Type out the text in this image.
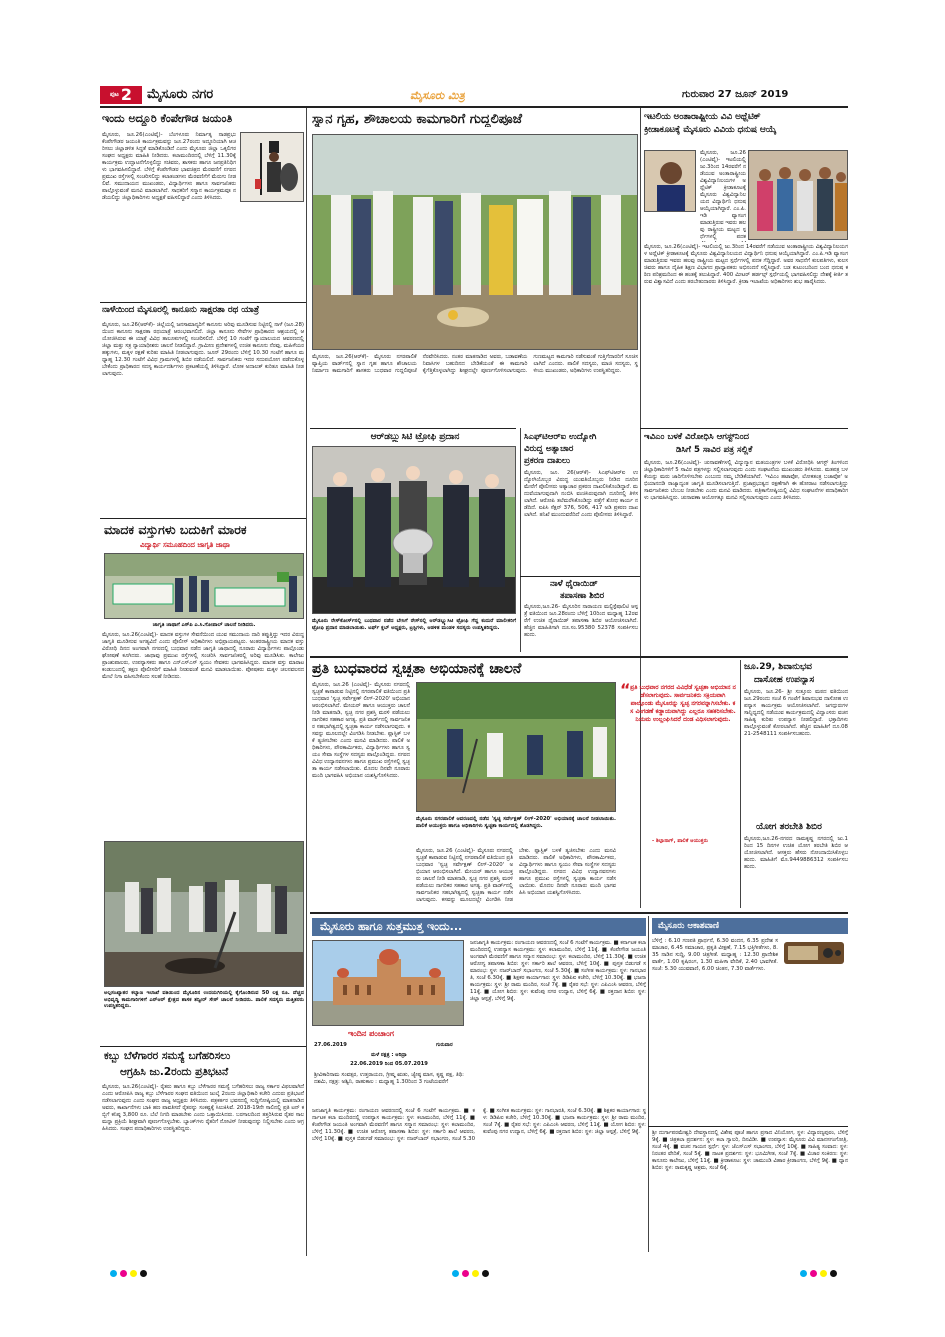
ಪುಟ 2 ಮೈಸೂರು ನಗರ	ಮೈಸೂರು ಮಿತ್ರ	ಗುರುವಾರ 27 ಜೂನ್ 2019
ಇಂದು ಅದ್ದೂರಿ ಕೆಂಪೇಗೌಡ ಜಯಂತಿ
ಮೈಸೂರು, ಜೂ.26(ಎಂಟಿವೈ)- ಬೆಂಗಳೂರು ನಿರ್ಮಾತೃ ನಾಡಪ್ರಭು ಕೆಂಪೇಗೌಡರ ಜಯಂತಿ ಕಾರ್ಯಕ್ರಮವನ್ನು ಜೂ.27ರಂದು ಅದ್ದೂರಿಯಾಗಿ ಆಚರಿಸಲು ಜಿಲ್ಲಾಡಳಿತ ಸಿದ್ಧತೆ ಮಾಡಿಕೊಂಡಿದೆ ಎಂದು ಮೈಸೂರು ಜಿಲ್ಲಾ ಒಕ್ಕಲಿಗರ ಸಂಘದ ಅಧ್ಯಕ್ಷರು ಮಾಹಿತಿ ನೀಡಿದರು. ಕಲಾಮಂದಿರದಲ್ಲಿ ಬೆಳಿಗ್ಗೆ 11.30ಕ್ಕೆ ಕಾರ್ಯಕ್ರಮ ಉದ್ಘಾಟನೆಗೊಳ್ಳಲಿದ್ದು ಸಚಿವರು, ಶಾಸಕರು ಹಾಗೂ ಜನಪ್ರತಿನಿಧಿಗಳು ಭಾಗವಹಿಸಲಿದ್ದಾರೆ. ಬೆಳಿಗ್ಗೆ ಕೆಂಪೇಗೌಡರ ಭಾವಚಿತ್ರದ ಮೆರವಣಿಗೆ ನಗರದ ಪ್ರಮುಖ ರಸ್ತೆಗಳಲ್ಲಿ ಸಂಚರಿಸಲಿದ್ದು ಕಲಾತಂಡಗಳು ಮೆರವಣಿಗೆಗೆ ಮೆರುಗು ನೀಡಲಿವೆ. ಸಮುದಾಯದ ಮುಖಂಡರು, ವಿದ್ಯಾರ್ಥಿಗಳು ಹಾಗೂ ಸಾರ್ವಜನಿಕರು ಪಾಲ್ಗೊಳ್ಳುವಂತೆ ಮನವಿ ಮಾಡಲಾಗಿದೆ. ಸಾಧಕರಿಗೆ ಸನ್ಮಾನ ಕಾರ್ಯಕ್ರಮವೂ ನಡೆಯಲಿದ್ದು ಜಿಲ್ಲಾಧಿಕಾರಿಗಳು ಅಧ್ಯಕ್ಷತೆ ವಹಿಸಲಿದ್ದಾರೆ ಎಂದು ತಿಳಿಸಿದರು.
ನಾಳೆಯಿಂದ ಮೈಸೂರಲ್ಲಿ ಕಾನೂನು ಸಾಕ್ಷರತಾ ರಥ ಯಾತ್ರೆ
ಮೈಸೂರು, ಜೂ.26(ಆರ್‌ಕೆ)- ಜಿಲ್ಲೆಯಲ್ಲಿ ಜನಸಾಮಾನ್ಯರಿಗೆ ಕಾನೂನು ಅರಿವು ಮೂಡಿಸುವ ನಿಟ್ಟಿನಲ್ಲಿ ನಾಳೆ (ಜೂ.28)ಯಿಂದ ಕಾನೂನು ಸಾಕ್ಷರತಾ ರಥಯಾತ್ರೆ ಆರಂಭವಾಗಲಿದೆ. ಜಿಲ್ಲಾ ಕಾನೂನು ಸೇವೆಗಳ ಪ್ರಾಧಿಕಾರದ ಆಶ್ರಯದಲ್ಲಿ ಆಯೋಜಿಸಿರುವ ಈ ಯಾತ್ರೆ ವಿವಿಧ ತಾಲೂಕುಗಳಲ್ಲಿ ಸಂಚರಿಸಲಿದೆ. ಬೆಳಿಗ್ಗೆ 10 ಗಂಟೆಗೆ ನ್ಯಾಯಾಲಯದ ಆವರಣದಲ್ಲಿ ಜಿಲ್ಲಾ ಮತ್ತು ಸತ್ರ ನ್ಯಾಯಾಧೀಶರು ಚಾಲನೆ ನೀಡಲಿದ್ದಾರೆ. ಗ್ರಾಮೀಣ ಪ್ರದೇಶಗಳಲ್ಲಿ ಉಚಿತ ಕಾನೂನು ನೆರವು, ಮಹಿಳೆಯರ ಹಕ್ಕುಗಳು, ಮಕ್ಕಳ ರಕ್ಷಣೆ ಕುರಿತು ಮಾಹಿತಿ ನೀಡಲಾಗುವುದು. ಜೂನ್ 29ರಂದು ಬೆಳಿಗ್ಗೆ 10.30 ಗಂಟೆಗೆ ಹಾಗೂ ಮಧ್ಯಾಹ್ನ 12.30 ಗಂಟೆಗೆ ವಿವಿಧ ಗ್ರಾಮಗಳಲ್ಲಿ ಶಿಬಿರ ನಡೆಯಲಿದೆ. ಸಾರ್ವಜನಿಕರು ಇದರ ಸದುಪಯೋಗ ಪಡೆದುಕೊಳ್ಳಬೇಕೆಂದು ಪ್ರಾಧಿಕಾರದ ಸದಸ್ಯ ಕಾರ್ಯದರ್ಶಿಗಳು ಪ್ರಕಟಣೆಯಲ್ಲಿ ತಿಳಿಸಿದ್ದಾರೆ. ಲೋಕ ಅದಾಲತ್ ಕುರಿತೂ ಮಾಹಿತಿ ನೀಡಲಾಗುವುದು.
ಮಾದಕ ವಸ್ತುಗಳು ಬದುಕಿಗೆ ಮಾರಕ
ವಿದ್ಯಾರ್ಥಿ ಸಮೂಹದಿಂದ ಜಾಗೃತಿ ಜಾಥಾ
ಜಾಗೃತಿ ಜಾಥಾಗೆ ಎಸ್‌ಪಿ ಎ.ಸಿ.ಗೋಪಾಲ್ ಚಾಲನೆ ನೀಡಿದರು.
ಮೈಸೂರು, ಜೂ.26(ಎಂಟಿವೈ)- ಮಾದಕ ವಸ್ತುಗಳ ಸೇವನೆಯಿಂದ ಯುವ ಸಮುದಾಯ ದಾರಿ ತಪ್ಪುತ್ತಿದ್ದು ಇದರ ವಿರುದ್ಧ ಜಾಗೃತಿ ಮೂಡಿಸುವ ಅಗತ್ಯವಿದೆ ಎಂದು ಪೊಲೀಸ್ ಅಧಿಕಾರಿಗಳು ಅಭಿಪ್ರಾಯಪಟ್ಟರು. ಅಂತರರಾಷ್ಟ್ರೀಯ ಮಾದಕ ವಸ್ತು ವಿರೋಧಿ ದಿನದ ಅಂಗವಾಗಿ ನಗರದಲ್ಲಿ ಬುಧವಾರ ನಡೆದ ಜಾಗೃತಿ ಜಾಥಾದಲ್ಲಿ ನೂರಾರು ವಿದ್ಯಾರ್ಥಿಗಳು ಪಾಲ್ಗೊಂಡು ಘೋಷಣೆ ಕೂಗಿದರು. ಜಾಥಾವು ಪ್ರಮುಖ ರಸ್ತೆಗಳಲ್ಲಿ ಸಂಚರಿಸಿ ಸಾರ್ವಜನಿಕರಲ್ಲಿ ಅರಿವು ಮೂಡಿಸಿತು. ಕಾಲೇಜು ಪ್ರಾಂಶುಪಾಲರು, ಉಪನ್ಯಾಸಕರು ಹಾಗೂ ಎನ್‌ಎಸ್‌ಎಸ್ ಸ್ವಯಂ ಸೇವಕರು ಭಾಗವಹಿಸಿದ್ದರು. ಮಾದಕ ವಸ್ತು ಮಾರಾಟ ಕಂಡುಬಂದಲ್ಲಿ ತಕ್ಷಣ ಪೊಲೀಸರಿಗೆ ಮಾಹಿತಿ ನೀಡುವಂತೆ ಮನವಿ ಮಾಡಲಾಯಿತು. ಪೋಷಕರು ಮಕ್ಕಳ ಚಲನವಲನದ ಮೇಲೆ ನಿಗಾ ವಹಿಸಬೇಕೆಂದು ಸಲಹೆ ನೀಡಿದರು.
ಅಲ್ಪಸಂಖ್ಯಾತರ ಕಲ್ಯಾಣ ಇಲಾಖೆ ವತಿಯಿಂದ ಮೈಸೂರಿನ ಉದಯಗಿರಿಯಲ್ಲಿ ಕೈಗೊಂಡಿರುವ 50 ಲಕ್ಷ ರೂ. ವೆಚ್ಚದ ಅಭಿವೃದ್ಧಿ ಕಾಮಗಾರಿಗಳಿಗೆ ಎನ್‌ಆರ್ ಕ್ಷೇತ್ರದ ಶಾಸಕ ತನ್ವೀರ್ ಸೇಠ್ ಚಾಲನೆ ನೀಡಿದರು. ಪಾಲಿಕೆ ಸದಸ್ಯರು ಮತ್ತಿತರರು ಉಪಸ್ಥಿತರಿದ್ದರು.
ಕಬ್ಬು ಬೆಳೆಗಾರರ ಸಮಸ್ಯೆ ಬಗೆಹರಿಸಲು
ಆಗ್ರಹಿಸಿ ಜು.2ರಂದು ಪ್ರತಿಭಟನೆ
ಮೈಸೂರು, ಜೂ.26(ಎಂಟಿವೈ)- ರೈತರು ಹಾಗೂ ಕಬ್ಬು ಬೆಳೆಗಾರರ ಸಮಸ್ಯೆ ಬಗೆಹರಿಸಲು ರಾಜ್ಯ ಸರ್ಕಾರ ವಿಫಲವಾಗಿದೆ ಎಂದು ಆರೋಪಿಸಿ ರಾಜ್ಯ ಕಬ್ಬು ಬೆಳೆಗಾರರ ಸಂಘದ ವತಿಯಿಂದ ಜುಲೈ 2ರಂದು ಜಿಲ್ಲಾಧಿಕಾರಿ ಕಚೇರಿ ಎದುರು ಪ್ರತಿಭಟನೆ ನಡೆಸಲಾಗುವುದು ಎಂದು ಸಂಘದ ರಾಜ್ಯ ಅಧ್ಯಕ್ಷರು ತಿಳಿಸಿದರು. ಪತ್ರಕರ್ತರ ಭವನದಲ್ಲಿ ಸುದ್ದಿಗೋಷ್ಠಿಯಲ್ಲಿ ಮಾತನಾಡಿದ ಅವರು, ಕಾರ್ಖಾನೆಗಳು ಬಾಕಿ ಹಣ ಪಾವತಿಸದೆ ರೈತರನ್ನು ಸಂಕಷ್ಟಕ್ಕೆ ಸಿಲುಕಿಸಿವೆ. 2018-19ನೇ ಸಾಲಿನಲ್ಲಿ ಪ್ರತಿ ಟನ್ ಕಬ್ಬಿಗೆ ಕನಿಷ್ಠ 3,800 ರೂ. ಬೆಲೆ ನಿಗದಿ ಮಾಡಬೇಕು ಎಂದು ಒತ್ತಾಯಿಸಿದರು. ಬರಗಾಲದಿಂದ ತತ್ತರಿಸಿರುವ ರೈತರ ಸಾಲ ಮನ್ನಾ ಪ್ರಕ್ರಿಯೆ ಶೀಘ್ರವಾಗಿ ಪೂರ್ಣಗೊಳ್ಳಬೇಕು. ಬ್ಯಾಂಕ್‌ಗಳು ರೈತರಿಗೆ ನೋಟಿಸ್ ನೀಡುವುದನ್ನು ನಿಲ್ಲಿಸಬೇಕು ಎಂದು ಆಗ್ರಹಿಸಿದರು. ಸಂಘದ ಪದಾಧಿಕಾರಿಗಳು ಉಪಸ್ಥಿತರಿದ್ದರು.
ಸ್ನಾನ ಗೃಹ, ಶೌಚಾಲಯ ಕಾಮಗಾರಿಗೆ ಗುದ್ದಲಿಪೂಜೆ
ಮೈಸೂರು, ಜೂ.26(ಆರ್‌ಕೆ)- ಮೈಸೂರು ನಗರಪಾಲಿಕೆ ವ್ಯಾಪ್ತಿಯ ವಾರ್ಡ್‌ನಲ್ಲಿ ಸ್ನಾನ ಗೃಹ ಹಾಗೂ ಶೌಚಾಲಯ ನಿರ್ಮಾಣ ಕಾಮಗಾರಿಗೆ ಶಾಸಕರು ಬುಧವಾರ ಗುದ್ದಲಿಪೂಜೆ ನೆರವೇರಿಸಿದರು. ನಂತರ ಮಾತನಾಡಿದ ಅವರು, ಬಡಾವಣೆಯ ನಿವಾಸಿಗಳ ಬಹುದಿನದ ಬೇಡಿಕೆಯಂತೆ ಈ ಕಾಮಗಾರಿ ಕೈಗೆತ್ತಿಕೊಳ್ಳಲಾಗಿದ್ದು ಶೀಘ್ರದಲ್ಲೇ ಪೂರ್ಣಗೊಳಿಸಲಾಗುವುದು. ಗುಣಮಟ್ಟದ ಕಾಮಗಾರಿ ನಡೆಸುವಂತೆ ಗುತ್ತಿಗೆದಾರರಿಗೆ ಸೂಚಿಸಲಾಗಿದೆ ಎಂದರು. ಪಾಲಿಕೆ ಸದಸ್ಯರು, ಮಾಜಿ ಸದಸ್ಯರು, ಸ್ಥಳೀಯ ಮುಖಂಡರು, ಅಧಿಕಾರಿಗಳು ಉಪಸ್ಥಿತರಿದ್ದರು.
ಆರ್‌ಡಬ್ಲ್ಯುಸಿಟಿ ಟ್ರೋಫಿ ಪ್ರದಾನ
ಮೈಸೂರು ರೇಸ್‌ಕೋರ್ಸ್‌ನಲ್ಲಿ ಬುಧವಾರ ನಡೆದ ಬೇಸಿಗೆ ರೇಸ್‌ನಲ್ಲಿ ಆರ್‌ಡಬ್ಲ್ಯುಸಿಟಿ ಟ್ರೋಫಿ ಗೆದ್ದ ಕುದುರೆ ಮಾಲೀಕರಿಗೆ ಟ್ರೋಫಿ ಪ್ರದಾನ ಮಾಡಲಾಯಿತು. ಟರ್ಫ್ ಕ್ಲಬ್ ಅಧ್ಯಕ್ಷರು, ಟ್ರಸ್ಟಿಗಳು, ಆಡಳಿತ ಮಂಡಳಿ ಸದಸ್ಯರು ಉಪಸ್ಥಿತರಿದ್ದರು.
ಸಿಎಫ್‌ಟಿಆರ್‌ಐ ಉದ್ಯೋಗಿ
ವಿರುದ್ಧ ಅತ್ಯಾಚಾರ
ಪ್ರಕರಣ ದಾಖಲು
ಮೈಸೂರು, ಜೂ. 26(ಆರ್‌ಕೆ)- ಸಿಎಫ್‌ಟಿಆರ್‌ಐ ಉದ್ಯೋಗಿಯೊಬ್ಬರ ವಿರುದ್ಧ ಯುವತಿಯೊಬ್ಬರು ನೀಡಿದ ದೂರಿನ ಮೇರೆಗೆ ಪೊಲೀಸರು ಅತ್ಯಾಚಾರ ಪ್ರಕರಣ ದಾಖಲಿಸಿಕೊಂಡಿದ್ದಾರೆ. ಮದುವೆಯಾಗುವುದಾಗಿ ನಂಬಿಸಿ ವಂಚಿಸಿರುವುದಾಗಿ ದೂರಿನಲ್ಲಿ ತಿಳಿಸಲಾಗಿದೆ. ಆರೋಪಿ ತಲೆಮರೆಸಿಕೊಂಡಿದ್ದು ಪತ್ತೆಗೆ ಶೋಧ ಕಾರ್ಯ ನಡೆದಿದೆ. ಐಪಿಸಿ ಸೆಕ್ಷನ್ 376, 506, 417 ಅಡಿ ಪ್ರಕರಣ ದಾಖಲಾಗಿದೆ. ತನಿಖೆ ಮುಂದುವರೆದಿದೆ ಎಂದು ಪೊಲೀಸರು ತಿಳಿಸಿದ್ದಾರೆ.
ನಾಳೆ ಥೈರಾಯಿಡ್
ತಪಾಸಣಾ ಶಿಬಿರ
ಮೈಸೂರು,ಜೂ.26- ಮೈಸೂರಿನ ನಾರಾಯಣ ಮಲ್ಟಿಸ್ಪೆಷಾಲಿಟಿ ಆಸ್ಪತ್ರೆ ವತಿಯಿಂದ ಜೂ.28ರಂದು ಬೆಳಿಗ್ಗೆ 10ರಿಂದ ಮಧ್ಯಾಹ್ನ 12ರವರೆಗೆ ಉಚಿತ ಥೈರಾಯಿಡ್ ತಪಾಸಣಾ ಶಿಬಿರ ಆಯೋಜಿಸಲಾಗಿದೆ. ಹೆಚ್ಚಿನ ಮಾಹಿತಿಗಾಗಿ ದೂ.ಸಂ.95380 52378 ಸಂಪರ್ಕಿಸಬಹುದು.
ಇಟಲಿಯ ಅಂತಾರಾಷ್ಟ್ರೀಯ ವಿವಿ ಅಥ್ಲೆಟಿಕ್
ಕ್ರೀಡಾಕೂಟಕ್ಕೆ ಮೈಸೂರು ವಿವಿಯ ಧನುಷ ಆಯ್ಕೆ
ಮೈಸೂರು, ಜೂ.26(ಎಂಟಿವೈ)- ಇಟಲಿಯಲ್ಲಿ ಜು.3ರಿಂದ 14ರವರೆಗೆ ನಡೆಯುವ ಅಂತಾರಾಷ್ಟ್ರೀಯ ವಿಶ್ವವಿದ್ಯಾನಿಲಯಗಳ ಅಥ್ಲೆಟಿಕ್ ಕ್ರೀಡಾಕೂಟಕ್ಕೆ ಮೈಸೂರು ವಿಶ್ವವಿದ್ಯಾನಿಲಯದ ವಿದ್ಯಾರ್ಥಿನಿ ಧನುಷ ಆಯ್ಕೆಯಾಗಿದ್ದಾರೆ. ಎಂ.ಪಿ.ಇಡಿ ವ್ಯಾಸಂಗ ಮಾಡುತ್ತಿರುವ ಇವರು ಹಲವು ರಾಷ್ಟ್ರೀಯ ಮಟ್ಟದ ಸ್ಪರ್ಧೆಗಳಲ್ಲಿ ಪದಕ
ಮೈಸೂರು, ಜೂ.26(ಎಂಟಿವೈ)- ಇಟಲಿಯಲ್ಲಿ ಜು.3ರಿಂದ 14ರವರೆಗೆ ನಡೆಯುವ ಅಂತಾರಾಷ್ಟ್ರೀಯ ವಿಶ್ವವಿದ್ಯಾನಿಲಯಗಳ ಅಥ್ಲೆಟಿಕ್ ಕ್ರೀಡಾಕೂಟಕ್ಕೆ ಮೈಸೂರು ವಿಶ್ವವಿದ್ಯಾನಿಲಯದ ವಿದ್ಯಾರ್ಥಿನಿ ಧನುಷ ಆಯ್ಕೆಯಾಗಿದ್ದಾರೆ. ಎಂ.ಪಿ.ಇಡಿ ವ್ಯಾಸಂಗ ಮಾಡುತ್ತಿರುವ ಇವರು ಹಲವು ರಾಷ್ಟ್ರೀಯ ಮಟ್ಟದ ಸ್ಪರ್ಧೆಗಳಲ್ಲಿ ಪದಕ ಗೆದ್ದಿದ್ದಾರೆ. ಅವರ ಸಾಧನೆಗೆ ಕುಲಪತಿಗಳು, ಕುಲಸಚಿವರು ಹಾಗೂ ದೈಹಿಕ ಶಿಕ್ಷಣ ವಿಭಾಗದ ಪ್ರಾಧ್ಯಾಪಕರು ಅಭಿನಂದನೆ ಸಲ್ಲಿಸಿದ್ದಾರೆ. ಬಡ ಕುಟುಂಬದಿಂದ ಬಂದ ಧನುಷ ಕಠಿಣ ಪರಿಶ್ರಮದಿಂದ ಈ ಹಂತಕ್ಕೆ ತಲುಪಿದ್ದಾರೆ. 400 ಮೀಟರ್ ಹರ್ಡಲ್ಸ್ ಸ್ಪರ್ಧೆಯಲ್ಲಿ ಭಾಗವಹಿಸಲಿದ್ದು ದೇಶಕ್ಕೆ ಕೀರ್ತಿ ತರುವ ವಿಶ್ವಾಸವಿದೆ ಎಂದು ತರಬೇತುದಾರರು ತಿಳಿಸಿದ್ದಾರೆ. ಕ್ರೀಡಾ ಇಲಾಖೆಯ ಅಧಿಕಾರಿಗಳು ಶುಭ ಹಾರೈಸಿದರು.
ಇವಿಎಂ ಬಳಕೆ ವಿರೋಧಿಸಿ ಆಗಸ್ಟ್‌ನಿಂದ
ಡಿಸಿಗೆ 5 ಸಾವಿರ ಪತ್ರ ಸಲ್ಲಿಕೆ
ಮೈಸೂರು, ಜೂ.26(ಎಂಟಿವೈ)- ಚುನಾವಣೆಗಳಲ್ಲಿ ವಿದ್ಯುನ್ಮಾನ ಮತಯಂತ್ರಗಳ ಬಳಕೆ ವಿರೋಧಿಸಿ ಆಗಸ್ಟ್ ತಿಂಗಳಿಂದ ಜಿಲ್ಲಾಧಿಕಾರಿಗಳಿಗೆ 5 ಸಾವಿರ ಪತ್ರಗಳನ್ನು ಸಲ್ಲಿಸಲಾಗುವುದು ಎಂದು ಸಂಘಟನೆಯ ಮುಖಂಡರು ತಿಳಿಸಿದರು. ಮತಪತ್ರ ಬಳಕೆಯನ್ನು ಮರು ಜಾರಿಗೊಳಿಸಬೇಕು ಎಂಬುದು ನಮ್ಮ ಬೇಡಿಕೆಯಾಗಿದೆ. 'ಇವಿಎಂ ಹಟಾವೋ, ಲೋಕತಂತ್ರ ಬಚಾವೋ' ಅಭಿಯಾನದಡಿ ರಾಜ್ಯಾದ್ಯಂತ ಜಾಗೃತಿ ಮೂಡಿಸಲಾಗುತ್ತಿದೆ. ಪ್ರಜಾಪ್ರಭುತ್ವದ ರಕ್ಷಣೆಗಾಗಿ ಈ ಹೋರಾಟ ನಡೆಸಲಾಗುತ್ತಿದ್ದು ಸಾರ್ವಜನಿಕರು ಬೆಂಬಲ ನೀಡಬೇಕು ಎಂದು ಮನವಿ ಮಾಡಿದರು. ಪತ್ರಿಕಾಗೋಷ್ಠಿಯಲ್ಲಿ ವಿವಿಧ ಸಂಘಟನೆಗಳ ಪದಾಧಿಕಾರಿಗಳು ಭಾಗವಹಿಸಿದ್ದರು. ಚುನಾವಣಾ ಆಯೋಗಕ್ಕೂ ಮನವಿ ಸಲ್ಲಿಸಲಾಗುವುದು ಎಂದು ತಿಳಿಸಿದರು.
ಪ್ರತಿ ಬುಧವಾರದ ಸ್ವಚ್ಛತಾ ಅಭಿಯಾನಕ್ಕೆ ಚಾಲನೆ
ಮೈಸೂರು, ಜೂ.26 (ಎಂಟಿವೈ)- ಮೈಸೂರು ನಗರದಲ್ಲಿ ಸ್ವಚ್ಛತೆ ಕಾಪಾಡುವ ನಿಟ್ಟಿನಲ್ಲಿ ನಗರಪಾಲಿಕೆ ವತಿಯಿಂದ ಪ್ರತಿ ಬುಧವಾರ 'ಸ್ವಚ್ಛ ಸರ್ವೇಕ್ಷಣ್ ಲೀಗ್-2020' ಅಭಿಯಾನ ಆರಂಭಿಸಲಾಗಿದೆ. ಮೇಯರ್ ಹಾಗೂ ಆಯುಕ್ತರು ಚಾಲನೆ ನೀಡಿ ಮಾತನಾಡಿ, ಸ್ವಚ್ಛ ನಗರ ಪ್ರಶಸ್ತಿ ಮರಳಿ ಪಡೆಯಲು ನಾಗರಿಕರ ಸಹಕಾರ ಅಗತ್ಯ. ಪ್ರತಿ ವಾರ್ಡ್‌ನಲ್ಲಿ ಸಾರ್ವಜನಿಕರ ಸಹಭಾಗಿತ್ವದಲ್ಲಿ ಸ್ವಚ್ಛತಾ ಕಾರ್ಯ ನಡೆಸಲಾಗುವುದು. ಕಸವನ್ನು ಮೂಲದಲ್ಲೇ ವಿಂಗಡಿಸಿ ನೀಡಬೇಕು. ಪ್ಲಾಸ್ಟಿಕ್ ಬಳಕೆ ತ್ಯಜಿಸಬೇಕು ಎಂದು ಮನವಿ ಮಾಡಿದರು. ಪಾಲಿಕೆ ಅಧಿಕಾರಿಗಳು, ಪೌರಕಾರ್ಮಿಕರು, ವಿದ್ಯಾರ್ಥಿಗಳು ಹಾಗೂ ಸ್ವಯಂ ಸೇವಾ ಸಂಸ್ಥೆಗಳ ಸದಸ್ಯರು ಪಾಲ್ಗೊಂಡಿದ್ದರು. ನಗರದ ವಿವಿಧ ಉದ್ಯಾನವನಗಳು ಹಾಗೂ ಪ್ರಮುಖ ರಸ್ತೆಗಳಲ್ಲಿ ಸ್ವಚ್ಛತಾ ಕಾರ್ಯ ನಡೆಸಲಾಯಿತು. ಮೊದಲ ದಿನವೇ ನೂರಾರು ಮಂದಿ ಭಾಗವಹಿಸಿ ಅಭಿಯಾನ ಯಶಸ್ವಿಗೊಳಿಸಿದರು.
ಮೈಸೂರು ನಗರಪಾಲಿಕೆ ಆವರಣದಲ್ಲಿ ನಡೆದ 'ಸ್ವಚ್ಛ ಸರ್ವೇಕ್ಷಣ್ ಲೀಗ್-2020' ಅಭಿಯಾನಕ್ಕೆ ಚಾಲನೆ ನೀಡಲಾಯಿತು. ಪಾಲಿಕೆ ಆಯುಕ್ತರು ಹಾಗೂ ಅಧಿಕಾರಿಗಳು ಸ್ವಚ್ಛತಾ ಕಾರ್ಯದಲ್ಲಿ ತೊಡಗಿದ್ದರು.
ಮೈಸೂರು, ಜೂ.26 (ಎಂಟಿವೈ)- ಮೈಸೂರು ನಗರದಲ್ಲಿ ಸ್ವಚ್ಛತೆ ಕಾಪಾಡುವ ನಿಟ್ಟಿನಲ್ಲಿ ನಗರಪಾಲಿಕೆ ವತಿಯಿಂದ ಪ್ರತಿ ಬುಧವಾರ 'ಸ್ವಚ್ಛ ಸರ್ವೇಕ್ಷಣ್ ಲೀಗ್-2020' ಅಭಿಯಾನ ಆರಂಭಿಸಲಾಗಿದೆ. ಮೇಯರ್ ಹಾಗೂ ಆಯುಕ್ತರು ಚಾಲನೆ ನೀಡಿ ಮಾತನಾಡಿ, ಸ್ವಚ್ಛ ನಗರ ಪ್ರಶಸ್ತಿ ಮರಳಿ ಪಡೆಯಲು ನಾಗರಿಕರ ಸಹಕಾರ ಅಗತ್ಯ. ಪ್ರತಿ ವಾರ್ಡ್‌ನಲ್ಲಿ ಸಾರ್ವಜನಿಕರ ಸಹಭಾಗಿತ್ವದಲ್ಲಿ ಸ್ವಚ್ಛತಾ ಕಾರ್ಯ ನಡೆಸಲಾಗುವುದು. ಕಸವನ್ನು ಮೂಲದಲ್ಲೇ ವಿಂಗಡಿಸಿ ನೀಡಬೇಕು. ಪ್ಲಾಸ್ಟಿಕ್ ಬಳಕೆ ತ್ಯಜಿಸಬೇಕು ಎಂದು ಮನವಿ ಮಾಡಿದರು. ಪಾಲಿಕೆ ಅಧಿಕಾರಿಗಳು, ಪೌರಕಾರ್ಮಿಕರು, ವಿದ್ಯಾರ್ಥಿಗಳು ಹಾಗೂ ಸ್ವಯಂ ಸೇವಾ ಸಂಸ್ಥೆಗಳ ಸದಸ್ಯರು ಪಾಲ್ಗೊಂಡಿದ್ದರು. ನಗರದ ವಿವಿಧ ಉದ್ಯಾನವನಗಳು ಹಾಗೂ ಪ್ರಮುಖ ರಸ್ತೆಗಳಲ್ಲಿ ಸ್ವಚ್ಛತಾ ಕಾರ್ಯ ನಡೆಸಲಾಯಿತು. ಮೊದಲ ದಿನವೇ ನೂರಾರು ಮಂದಿ ಭಾಗವಹಿಸಿ ಅಭಿಯಾನ ಯಶಸ್ವಿಗೊಳಿಸಿದರು.
“ ಪ್ರತಿ ಬುಧವಾರ ನಗರದ ವಿವಿಧೆಡೆ ಸ್ವಚ್ಛತಾ ಅಭಿಯಾನ ನಡೆಸಲಾಗುವುದು. ಸಾರ್ವಜನಿಕರು ಸಕ್ರಿಯವಾಗಿ ಪಾಲ್ಗೊಂಡು ಮೈಸೂರನ್ನು ಸ್ವಚ್ಛ ನಗರವನ್ನಾಗಿಸಬೇಕು. ಕಸ ವಿಂಗಡಣೆ ಕಡ್ಡಾಯವಾಗಿದ್ದು ಎಲ್ಲರೂ ಸಹಕರಿಸಬೇಕು. ನಿಯಮ ಉಲ್ಲಂಘಿಸಿದರೆ ದಂಡ ವಿಧಿಸಲಾಗುವುದು.
- ಶಿಲ್ಪಾನಾಗ್, ಪಾಲಿಕೆ ಆಯುಕ್ತರು
ಜೂ.29, ಶಿವಾನುಭವ
ದಾಸೋಹ ಉಪನ್ಯಾಸ
ಮೈಸೂರು, ಜೂ.26- ಶ್ರೀ ಸುತ್ತೂರು ಮಠದ ವತಿಯಿಂದ ಜೂ.29ರಂದು ಸಂಜೆ 6 ಗಂಟೆಗೆ ಶಿವಾನುಭವ ದಾಸೋಹ ಉಪನ್ಯಾಸ ಕಾರ್ಯಕ್ರಮ ಆಯೋಜಿಸಲಾಗಿದೆ. ಜಗದ್ಗುರುಗಳ ಸಾನ್ನಿಧ್ಯದಲ್ಲಿ ನಡೆಯುವ ಕಾರ್ಯಕ್ರಮದಲ್ಲಿ ವಿದ್ವಾಂಸರು ವಚನ ಸಾಹಿತ್ಯ ಕುರಿತು ಉಪನ್ಯಾಸ ನೀಡಲಿದ್ದಾರೆ. ಭಕ್ತಾದಿಗಳು ಪಾಲ್ಗೊಳ್ಳುವಂತೆ ಕೋರಲಾಗಿದೆ. ಹೆಚ್ಚಿನ ಮಾಹಿತಿಗೆ ದೂ.0821-2548111 ಸಂಪರ್ಕಿಸಬಹುದು.
ಯೋಗ ತರಬೇತಿ ಶಿಬಿರ
ಮೈಸೂರು,ಜೂ.26-ನಗರದ ರಾಮಕೃಷ್ಣ ನಗರದಲ್ಲಿ ಜು.1ರಿಂದ 15 ದಿನಗಳ ಉಚಿತ ಯೋಗ ತರಬೇತಿ ಶಿಬಿರ ಆಯೋಜಿಸಲಾಗಿದೆ. ಆಸಕ್ತರು ಹೆಸರು ನೋಂದಾಯಿಸಿಕೊಳ್ಳಬಹುದು. ಮಾಹಿತಿಗೆ ಮೊ.9449886312 ಸಂಪರ್ಕಿಸಬಹುದು.
ಮೈಸೂರು ಹಾಗೂ ಸುತ್ತಮುತ್ತ ಇಂದು...
ಇಂದಿನ ಪಂಚಾಂಗ
27.06.2019	ಗುರುವಾರ
ಮಳೆ ನಕ್ಷತ್ರ : ಆರಿದ್ರಾ
22.06.2019 ರಿಂದ 05.07.2019
ಶ್ರೀವಿಕಾರಿನಾಮ ಸಂವತ್ಸರ, ಉತ್ತರಾಯಣ, ಗ್ರೀಷ್ಮ ಋತು, ಜ್ಯೇಷ್ಠ ಮಾಸ, ಕೃಷ್ಣ ಪಕ್ಷ, ತಿಥಿ: ದಶಮಿ, ನಕ್ಷತ್ರ: ಅಶ್ವಿನಿ, ರಾಹುಕಾಲ : ಮಧ್ಯಾಹ್ನ 1.30ರಿಂದ 3 ಗಂಟೆಯವರೆಗೆ
ಜನಜಾಗೃತಿ ಕಾರ್ಯಕ್ರಮ: ರಂಗಾಯಣ ಆವರಣದಲ್ಲಿ ಸಂಜೆ 6 ಗಂಟೆಗೆ ಕಾರ್ಯಕ್ರಮ. ■ ಕರ್ನಾಟಕ ಕಲಾ ಮಂದಿರದಲ್ಲಿ ಉಪನ್ಯಾಸ ಕಾರ್ಯಕ್ರಮ: ಸ್ಥಳ: ಕಲಾಮಂದಿರ, ಬೆಳಿಗ್ಗೆ 11ಕ್ಕೆ. ■ ಕೆಂಪೇಗೌಡ ಜಯಂತಿ ಅಂಗವಾಗಿ ಮೆರವಣಿಗೆ ಹಾಗೂ ಸನ್ಮಾನ ಸಮಾರಂಭ: ಸ್ಥಳ: ಕಲಾಮಂದಿರ, ಬೆಳಿಗ್ಗೆ 11.30ಕ್ಕೆ. ■ ಉಚಿತ ಆರೋಗ್ಯ ತಪಾಸಣಾ ಶಿಬಿರ: ಸ್ಥಳ: ಸರ್ಕಾರಿ ಶಾಲೆ ಆವರಣ, ಬೆಳಿಗ್ಗೆ 10ಕ್ಕೆ. ■ ಪುಸ್ತಕ ಬಿಡುಗಡೆ ಸಮಾರಂಭ: ಸ್ಥಳ: ನಜರ್‌ಬಾದ್ ಸಭಾಂಗಣ, ಸಂಜೆ 5.30ಕ್ಕೆ. ■ ಸಂಗೀತ ಕಾರ್ಯಕ್ರಮ: ಸ್ಥಳ: ಗಾನಭಾರತಿ, ಸಂಜೆ 6.30ಕ್ಕೆ. ■ ಶಿಕ್ಷಕರ ಕಾರ್ಯಾಗಾರ: ಸ್ಥಳ: ಡಿಡಿಪಿಐ ಕಚೇರಿ, ಬೆಳಿಗ್ಗೆ 10.30ಕ್ಕೆ. ■ ಭಜನಾ ಕಾರ್ಯಕ್ರಮ: ಸ್ಥಳ: ಶ್ರೀ ರಾಮ ಮಂದಿರ, ಸಂಜೆ 7ಕ್ಕೆ. ■ ರೈತರ ಸಭೆ: ಸ್ಥಳ: ಎಪಿಎಂಸಿ ಆವರಣ, ಬೆಳಿಗ್ಗೆ 11ಕ್ಕೆ. ■ ಯೋಗ ಶಿಬಿರ: ಸ್ಥಳ: ಕುವೆಂಪು ನಗರ ಉದ್ಯಾನ, ಬೆಳಿಗ್ಗೆ 6ಕ್ಕೆ. ■ ರಕ್ತದಾನ ಶಿಬಿರ: ಸ್ಥಳ: ಜಿಲ್ಲಾ ಆಸ್ಪತ್ರೆ, ಬೆಳಿಗ್ಗೆ 9ಕ್ಕೆ.
ಜನಜಾಗೃತಿ ಕಾರ್ಯಕ್ರಮ: ರಂಗಾಯಣ ಆವರಣದಲ್ಲಿ ಸಂಜೆ 6 ಗಂಟೆಗೆ ಕಾರ್ಯಕ್ರಮ. ■ ಕರ್ನಾಟಕ ಕಲಾ ಮಂದಿರದಲ್ಲಿ ಉಪನ್ಯಾಸ ಕಾರ್ಯಕ್ರಮ: ಸ್ಥಳ: ಕಲಾಮಂದಿರ, ಬೆಳಿಗ್ಗೆ 11ಕ್ಕೆ. ■ ಕೆಂಪೇಗೌಡ ಜಯಂತಿ ಅಂಗವಾಗಿ ಮೆರವಣಿಗೆ ಹಾಗೂ ಸನ್ಮಾನ ಸಮಾರಂಭ: ಸ್ಥಳ: ಕಲಾಮಂದಿರ, ಬೆಳಿಗ್ಗೆ 11.30ಕ್ಕೆ. ■ ಉಚಿತ ಆರೋಗ್ಯ ತಪಾಸಣಾ ಶಿಬಿರ: ಸ್ಥಳ: ಸರ್ಕಾರಿ ಶಾಲೆ ಆವರಣ, ಬೆಳಿಗ್ಗೆ 10ಕ್ಕೆ. ■ ಪುಸ್ತಕ ಬಿಡುಗಡೆ ಸಮಾರಂಭ: ಸ್ಥಳ: ನಜರ್‌ಬಾದ್ ಸಭಾಂಗಣ, ಸಂಜೆ 5.30ಕ್ಕೆ. ■ ಸಂಗೀತ ಕಾರ್ಯಕ್ರಮ: ಸ್ಥಳ: ಗಾನಭಾರತಿ, ಸಂಜೆ 6.30ಕ್ಕೆ. ■ ಶಿಕ್ಷಕರ ಕಾರ್ಯಾಗಾರ: ಸ್ಥಳ: ಡಿಡಿಪಿಐ ಕಚೇರಿ, ಬೆಳಿಗ್ಗೆ 10.30ಕ್ಕೆ. ■ ಭಜನಾ ಕಾರ್ಯಕ್ರಮ: ಸ್ಥಳ: ಶ್ರೀ ರಾಮ ಮಂದಿರ, ಸಂಜೆ 7ಕ್ಕೆ. ■ ರೈತರ ಸಭೆ: ಸ್ಥಳ: ಎಪಿಎಂಸಿ ಆವರಣ, ಬೆಳಿಗ್ಗೆ 11ಕ್ಕೆ. ■ ಯೋಗ ಶಿಬಿರ: ಸ್ಥಳ: ಕುವೆಂಪು ನಗರ ಉದ್ಯಾನ, ಬೆಳಿಗ್ಗೆ 6ಕ್ಕೆ. ■ ರಕ್ತದಾನ ಶಿಬಿರ: ಸ್ಥಳ: ಜಿಲ್ಲಾ ಆಸ್ಪತ್ರೆ, ಬೆಳಿಗ್ಗೆ 9ಕ್ಕೆ.
ಮೈಸೂರು ಆಕಾಶವಾಣಿ
ಬೆಳಿಗ್ಗೆ : 6.10 ಗಣಪತಿ ಪ್ರಾರ್ಥನೆ, 6.30 ವಂದನ, 6.35 ಪ್ರದೇಶ ಸಮಾಚಾರ, 6.45 ಸಮಾಚಾರ, ಪ್ರಕೃತಿ ವೀಕ್ಷಣೆ, 7.15 ಭಕ್ತಿಗೀತೆಗಳು, 8.35 ನಾಡಿನ ಸುದ್ದಿ, 9.00 ಚಿತ್ರಗೀತೆ. ಮಧ್ಯಾಹ್ನ : 12.30 ಪ್ರಾದೇಶಿಕ ವಾರ್ತೆ, 1.00 ಕೃಷಿರಂಗ, 1.30 ಮಹಿಳಾ ವೇದಿಕೆ, 2.40 ಭಾವಗೀತೆ. ಸಂಜೆ: 5.30 ಯುವವಾಣಿ, 6.00 ಚಿಂತನ, 7.30 ವಾರ್ತೆಗಳು.
ಶ್ರೀ ದುರ್ಗಾಪರಮೇಶ್ವರಿ ದೇವಸ್ಥಾನದಲ್ಲಿ ವಿಶೇಷ ಪೂಜೆ ಹಾಗೂ ಪ್ರಸಾದ ವಿನಿಯೋಗ, ಸ್ಥಳ: ವಿದ್ಯಾರಣ್ಯಪುರಂ, ಬೆಳಿಗ್ಗೆ 9ಕ್ಕೆ. ■ ಚಿತ್ರಕಲಾ ಪ್ರದರ್ಶನ: ಸ್ಥಳ: ಕಲಾ ಗ್ಯಾಲರಿ, ದಿನವಿಡೀ. ■ ಉಪನ್ಯಾಸ: ಮೈಸೂರು ವಿವಿ ಮಾನಸಗಂಗೋತ್ರಿ, ಸಂಜೆ 4ಕ್ಕೆ. ■ ವಚನ ಗಾಯನ ಸ್ಪರ್ಧೆ: ಸ್ಥಳ: ಜೆಎಸ್‌ಎಸ್ ಸಭಾಂಗಣ, ಬೆಳಿಗ್ಗೆ 10ಕ್ಕೆ. ■ ಸಾಹಿತ್ಯ ಸಂವಾದ: ಸ್ಥಳ: ನಿರಂತರ ವೇದಿಕೆ, ಸಂಜೆ 5ಕ್ಕೆ. ■ ನಾಟಕ ಪ್ರದರ್ಶನ: ಸ್ಥಳ: ಭೂಮಿಗೀತ, ಸಂಜೆ 7ಕ್ಕೆ. ■ ವಿಚಾರ ಸಂಕಿರಣ: ಸ್ಥಳ: ಕಾನೂನು ಕಾಲೇಜು, ಬೆಳಿಗ್ಗೆ 11ಕ್ಕೆ. ■ ಕ್ರೀಡಾಕೂಟ: ಸ್ಥಳ: ಚಾಮುಂಡಿ ವಿಹಾರ ಕ್ರೀಡಾಂಗಣ, ಬೆಳಿಗ್ಗೆ 9ಕ್ಕೆ. ■ ಧ್ಯಾನ ಶಿಬಿರ: ಸ್ಥಳ: ರಾಮಕೃಷ್ಣ ಆಶ್ರಮ, ಸಂಜೆ 6ಕ್ಕೆ.
